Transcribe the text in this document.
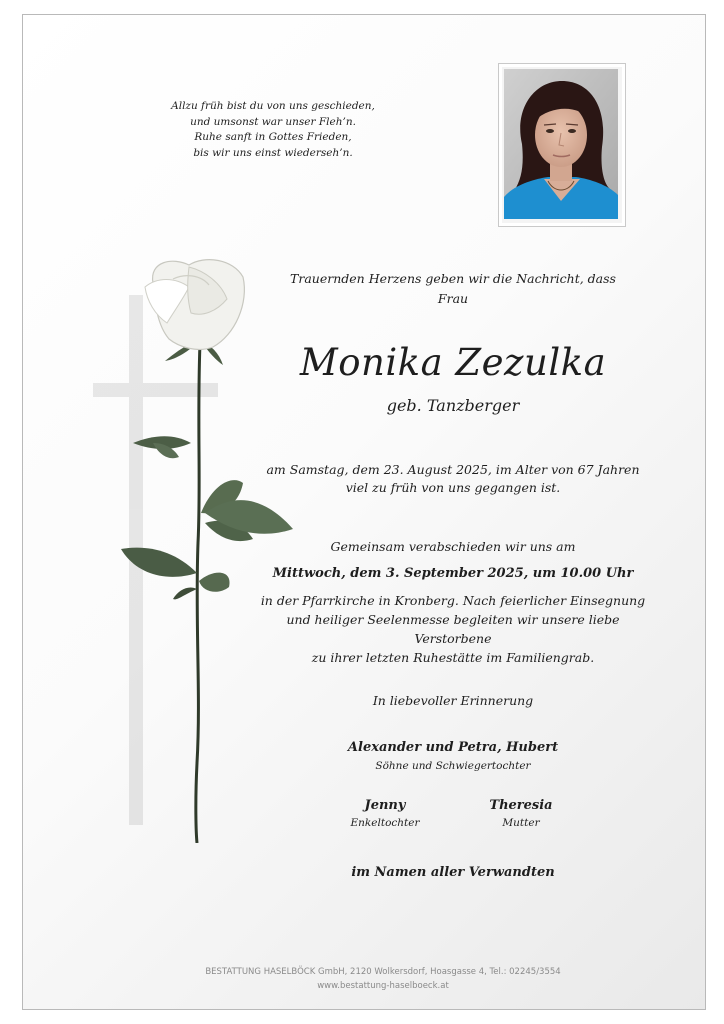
Allzu früh bist du von uns geschieden,
und umsonst war unser Fleh’n.
Ruhe sanft in Gottes Frieden,
bis wir uns einst wiederseh’n.
Trauernden Herzens geben wir die Nachricht, dass
Frau
Monika Zezulka
geb. Tanzberger
am Samstag, dem 23. August 2025, im Alter von 67 Jahren
viel zu früh von uns gegangen ist.
Gemeinsam verabschieden wir uns am
Mittwoch, dem 3. September 2025, um 10.00 Uhr
in der Pfarrkirche in Kronberg. Nach feierlicher Einsegnung
und heiliger Seelenmesse begleiten wir unsere liebe Verstorbene
zu ihrer letzten Ruhestätte im Familiengrab.
In liebevoller Erinnerung
Alexander und Petra, Hubert
Söhne und Schwiegertochter
Jenny
Enkeltochter
Theresia
Mutter
im Namen aller Verwandten
BESTATTUNG HASELBÖCK GmbH, 2120 Wolkersdorf, Hoasgasse 4, Tel.: 02245/3554
www.bestattung-haselboeck.at
